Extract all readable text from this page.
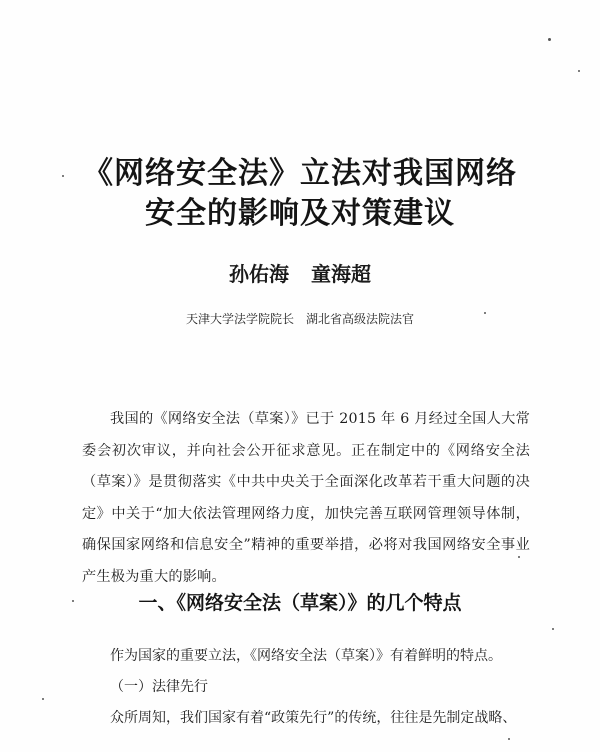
《网络安全法》立法对我国网络
安全的影响及对策建议
孙佑海 童海超
天津大学法学院院长 湖北省高级法院法官
我国的《网络安全法（草案）》已于 2015 年 6 月经过全国人大常委会初次审议，并向社会公开征求意见。正在制定中的《网络安全法（草案）》是贯彻落实《中共中央关于全面深化改革若干重大问题的决定》中关于“加大依法管理网络力度，加快完善互联网管理领导体制，确保国家网络和信息安全”精神的重要举措，必将对我国网络安全事业产生极为重大的影响。
一、《网络安全法（草案）》的几个特点
作为国家的重要立法，《网络安全法（草案）》有着鲜明的特点。
（一）法律先行
众所周知，我们国家有着“政策先行”的传统，往往是先制定战略、
